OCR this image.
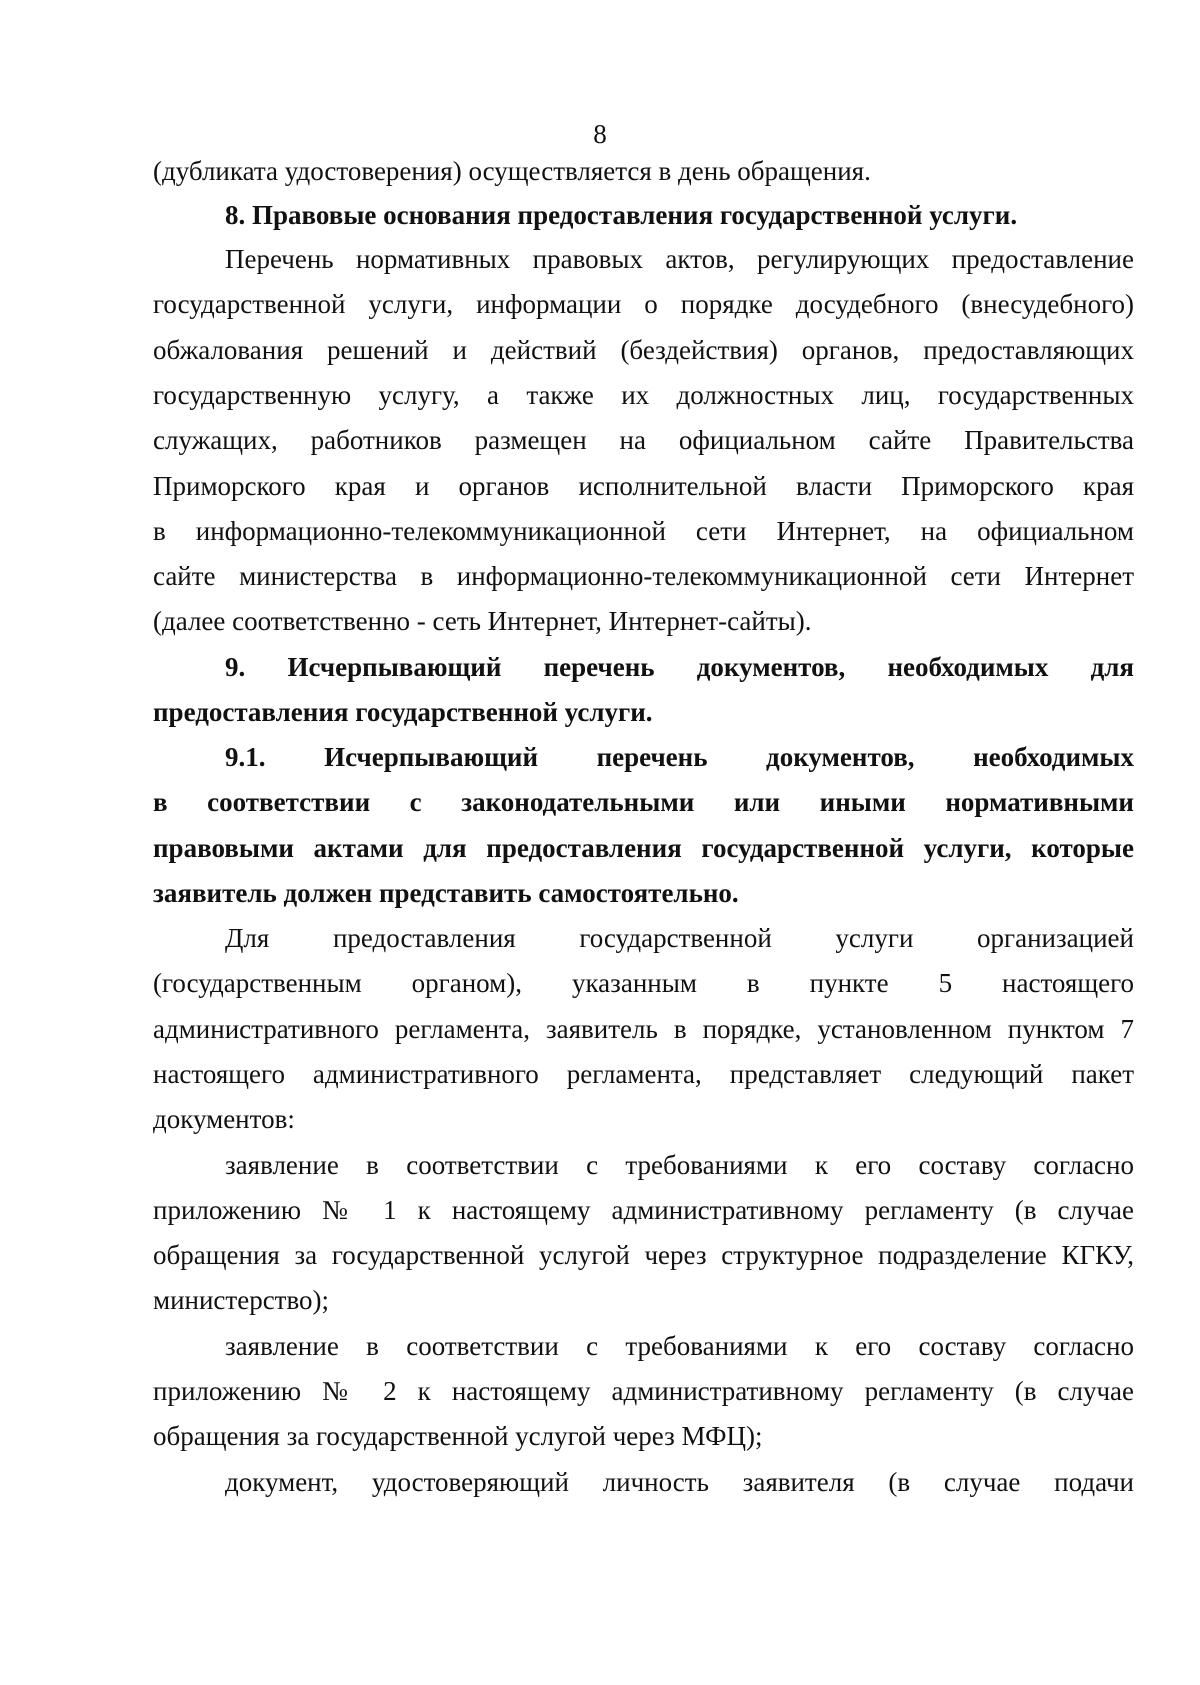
8
(дубликата удостоверения) осуществляется в день обращения.
8. Правовые основания предоставления государственной услуги.
Перечень нормативных правовых актов, регулирующих предоставление
государственной услуги, информации о порядке досудебного (внесудебного)
обжалования решений и действий (бездействия) органов, предоставляющих
государственную услугу, а также их должностных лиц, государственных
служащих, работников размещен на официальном сайте Правительства
Приморского края и органов исполнительной власти Приморского края
в информационно-телекоммуникационной сети Интернет, на официальном
сайте министерства в информационно-телекоммуникационной сети Интернет
(далее соответственно - сеть Интернет, Интернет-сайты).
9. Исчерпывающий перечень документов, необходимых для
предоставления государственной услуги.
9.1. Исчерпывающий перечень документов, необходимых
в соответствии с законодательными или иными нормативными
правовыми актами для предоставления государственной услуги, которые
заявитель должен представить самостоятельно.
Для предоставления государственной услуги организацией
(государственным органом), указанным в пункте 5 настоящего
административного регламента, заявитель в порядке, установленном пунктом 7
настоящего административного регламента, представляет следующий пакет
документов:
заявление в соответствии с требованиями к его составу согласно
приложению № 1 к настоящему административному регламенту (в случае
обращения за государственной услугой через структурное подразделение КГКУ,
министерство);
заявление в соответствии с требованиями к его составу согласно
приложению № 2 к настоящему административному регламенту (в случае
обращения за государственной услугой через МФЦ);
документ, удостоверяющий личность заявителя (в случае подачи
